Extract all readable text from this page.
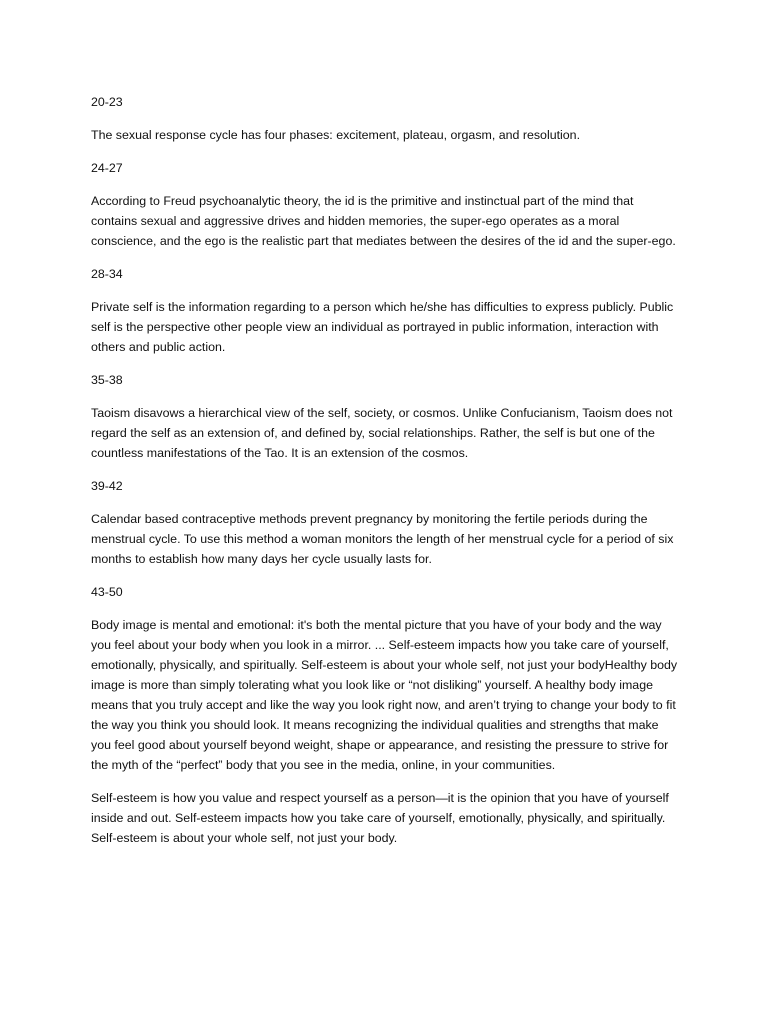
20-23
The sexual response cycle has four phases: excitement, plateau, orgasm, and resolution.
24-27
According to Freud psychoanalytic theory, the id is the primitive and instinctual part of the mind that contains sexual and aggressive drives and hidden memories, the super-ego operates as a moral conscience, and the ego is the realistic part that mediates between the desires of the id and the super-ego.
28-34
Private self is the information regarding to a person which he/she has difficulties to express publicly. Public self is the perspective other people view an individual as portrayed in public information, interaction with others and public action.
35-38
Taoism disavows a hierarchical view of the self, society, or cosmos. Unlike Confucianism, Taoism does not regard the self as an extension of, and defined by, social relationships. Rather, the self is but one of the countless manifestations of the Tao. It is an extension of the cosmos.
39-42
Calendar based contraceptive methods prevent pregnancy by monitoring the fertile periods during the menstrual cycle. To use this method a woman monitors the length of her menstrual cycle for a period of six months to establish how many days her cycle usually lasts for.
43-50
Body image is mental and emotional: it's both the mental picture that you have of your body and the way you feel about your body when you look in a mirror. ... Self-esteem impacts how you take care of yourself, emotionally, physically, and spiritually. Self-esteem is about your whole self, not just your bodyHealthy body image is more than simply tolerating what you look like or “not disliking” yourself. A healthy body image means that you truly accept and like the way you look right now, and aren’t trying to change your body to fit the way you think you should look. It means recognizing the individual qualities and strengths that make you feel good about yourself beyond weight, shape or appearance, and resisting the pressure to strive for the myth of the “perfect” body that you see in the media, online, in your communities.
Self-esteem is how you value and respect yourself as a person—it is the opinion that you have of yourself inside and out. Self-esteem impacts how you take care of yourself, emotionally, physically, and spiritually. Self-esteem is about your whole self, not just your body.
